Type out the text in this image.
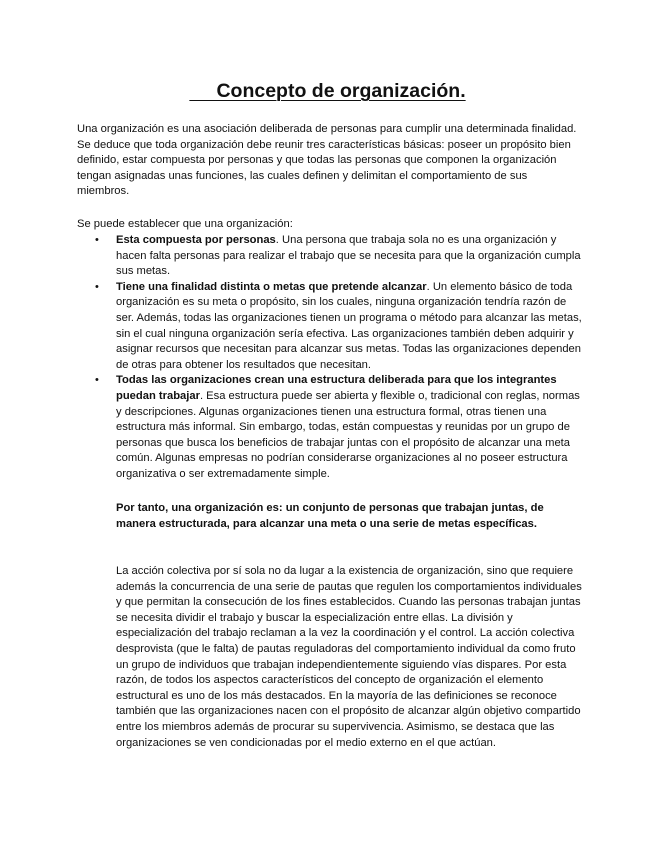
Concepto de organización.

Una organización es una asociación deliberada de personas para cumplir una determinada finalidad. Se deduce que toda organización debe reunir tres características básicas: poseer un propósito bien definido, estar compuesta por personas y que todas las personas que componen la organización tengan asignadas unas funciones, las cuales definen y delimitan el comportamiento de sus miembros.

Se puede establecer que una organización:

• Esta compuesta por personas. Una persona que trabaja sola no es una organización y hacen falta personas para realizar el trabajo que se necesita para que la organización cumpla sus metas.
• Tiene una finalidad distinta o metas que pretende alcanzar. Un elemento básico de toda organización es su meta o propósito, sin los cuales, ninguna organización tendría razón de ser. Además, todas las organizaciones tienen un programa o método para alcanzar las metas, sin el cual ninguna organización sería efectiva. Las organizaciones también deben adquirir y asignar recursos que necesitan para alcanzar sus metas. Todas las organizaciones dependen de otras para obtener los resultados que necesitan.
• Todas las organizaciones crean una estructura deliberada para que los integrantes puedan trabajar. Esa estructura puede ser abierta y flexible o, tradicional con reglas, normas y descripciones. Algunas organizaciones tienen una estructura formal, otras tienen una estructura más informal. Sin embargo, todas, están compuestas y reunidas por un grupo de personas que busca los beneficios de trabajar juntas con el propósito de alcanzar una meta común. Algunas empresas no podrían considerarse organizaciones al no poseer estructura organizativa o ser extremadamente simple.

Por tanto, una organización es: un conjunto de personas que trabajan juntas, de manera estructurada, para alcanzar una meta o una serie de metas específicas.

La acción colectiva por sí sola no da lugar a la existencia de organización, sino que requiere además la concurrencia de una serie de pautas que regulen los comportamientos individuales y que permitan la consecución de los fines establecidos. Cuando las personas trabajan juntas se necesita dividir el trabajo y buscar la especialización entre ellas. La división y especialización del trabajo reclaman a la vez la coordinación y el control. La acción colectiva desprovista (que le falta) de pautas reguladoras del comportamiento individual da como fruto un grupo de individuos que trabajan independientemente siguiendo vías dispares. Por esta razón, de todos los aspectos característicos del concepto de organización el elemento estructural es uno de los más destacados. En la mayoría de las definiciones se reconoce también que las organizaciones nacen con el propósito de alcanzar algún objetivo compartido entre los miembros además de procurar su supervivencia. Asimismo, se destaca que las organizaciones se ven condicionadas por el medio externo en el que actúan.
